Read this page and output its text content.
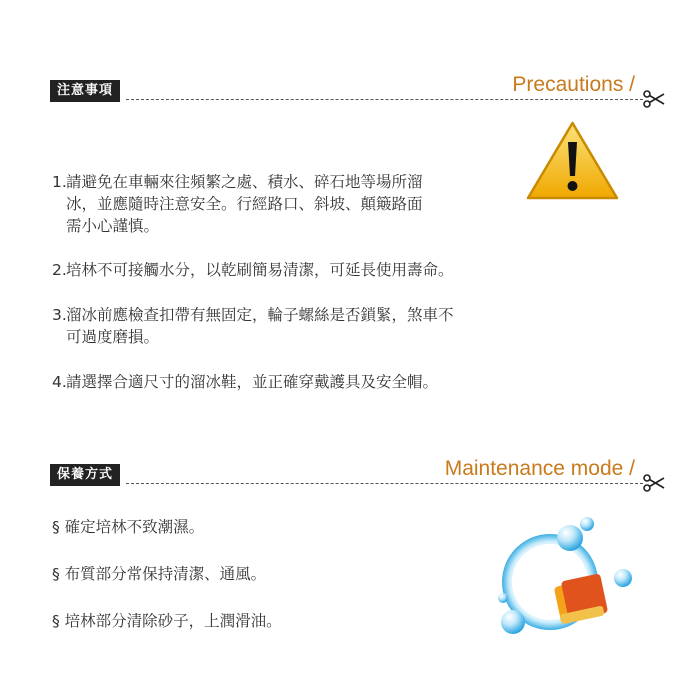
注意事項	Precautions /
1.請避免在車輛來往頻繁之處、積水、碎石地等場所溜
冰，並應隨時注意安全。行經路口、斜坡、顛簸路面
需小心謹慎。
2.培林不可接觸水分，以乾刷簡易清潔，可延長使用壽命。
3.溜冰前應檢查扣帶有無固定，輪子螺絲是否鎖緊，煞車不
可過度磨損。
4.請選擇合適尺寸的溜冰鞋，並正確穿戴護具及安全帽。
保養方式	Maintenance mode /
§ 確定培林不致潮濕。
§ 布質部分常保持清潔、通風。
§ 培林部分清除砂子，上潤滑油。
